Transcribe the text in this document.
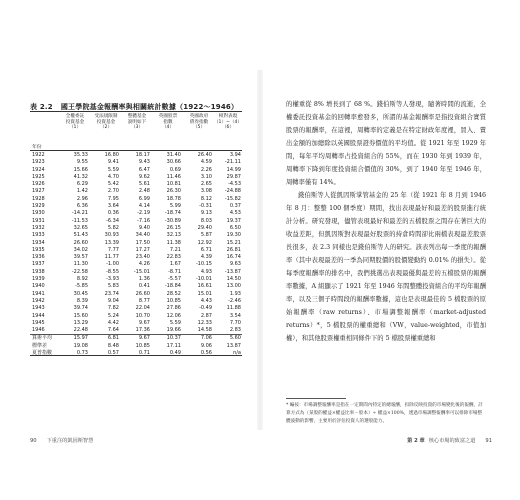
表 2.2 國王學院基金報酬率與相關統計數據（1922～1946）
全權委託
投資基金
（1）
受法規限制
投資基金
（2）
整體基金
說明如下
（3）
英國股票
指數
（4）
英國政府
債券指數
（5）
相對表現
（1）−（4）
（6）
年份
1922	35.33	16.80	18.17	31.40	26.40	3.94
1923	9.55	9.41	9.43	30.66	4.59	-21.11
1924	15.66	5.59	6.47	0.69	2.26	14.99
1925	41.32	4.70	9.62	11.46	3.10	29.87
1926	6.29	5.42	5.61	10.81	2.65	-4.53
1927	1.42	2.70	2.48	26.30	3.08	-24.88
1928	2.96	7.95	6.99	18.78	8.12	-15.82
1929	6.36	3.64	4.14	5.99	-0.31	0.37
1930	-14.21	0.36	-2.19	-18.74	9.13	4.53
1931	-11.53	-6.34	-7.16	-30.89	8.03	19.37
1932	32.65	5.82	9.40	26.15	29.40	6.50
1933	51.43	30.93	34.40	32.13	5.87	19.30
1934	26.60	13.39	17.50	11.38	12.92	15.21
1935	34.02	7.77	17.27	7.21	6.71	26.81
1936	39.57	11.77	23.40	22.83	4.39	16.74
1937	11.30	-1.00	4.26	1.67	-10.15	9.63
1938	-22.58	-8.55	-15.01	-8.71	4.93	-13.87
1939	8.92	-3.93	1.36	-5.57	-10.01	14.50
1940	-5.85	5.83	0.41	-18.84	16.61	13.00
1941	30.45	23.74	26.60	28.52	15.01	1.93
1942	8.39	9.04	8.77	10.85	4.43	-2.46
1943	39.74	7.82	22.04	27.86	-0.49	11.88
1944	15.60	5.24	10.70	12.06	2.87	3.54
1945	13.29	4.42	9.67	5.59	12.33	7.70
1946	22.48	7.64	17.36	19.66	14.58	2.83
算術平均	15.97	6.81	9.67	10.37	7.06	5.60
標準差	19.08	8.48	10.85	17.11	9.06	13.87
夏普指數	0.73	0.57	0.71	0.49	0.56	n/a
90 下重注的凱因斯智慧

的權重從 8% 增長到了 68 %。錢伯斯等人發現，隨著時間的流逝，全權委託投資基金的回轉率愈發多，所謂的基金報酬率是指投資組合實質股票的報酬率，在這裡，周轉率的定義是在特定財政年度裡，買入、賣出金額的加總除以英國股票證券價值的平均值。從 1921 年至 1929 年間，每年平均周轉率占投資組合的 55%，而在 1930 年到 1939 年，周轉率下降到年度投資組合價值的 30%，到了 1940 年至 1946 年，周轉率僅有 14%。

錢伯斯等人從凱因斯掌管基金的 25 年（從 1921 年 8 月到 1946 年 8 月：整整 100 個季度）期間，找出表現最好和最差的股票進行統計分析。研究發現，儘管表現最好和最差的五檔股票之間存在著巨大的收益差距，但凱因斯對表現最好股票的持倉時間卻比兩檔表現最差股票長很多，表 2.3 同樣也是錢伯斯等人的研究。該表列出每一季度的報酬率（其中表現最差的一季為同期股價的股價變動約 0.01% 的損失）。從每季度報酬率的排名中，我們挑選出表現最優與最差的五檔股票的報酬率數據，A 組顯示了 1921 年至 1946 年間整體投資組合的平均年報酬率，以及三個子時間段的報酬率數據，這也是表現最佳的 5 檔股票的原始報酬率（raw returns）、市場調整報酬率（market-adjusted returns）*，5 檔股票的權重總和（VW，value-weighted，市值加權），和其他股票權重相同條件下的 5 檔股票權重總和

* 編按：市場調整報酬率是指在一定期間內特定的總報酬，扣除反映投資的市場變化後的報酬，計算方式為（某股的權益×權益比率－股本）÷ 權益×100%，透過市場調整報酬率可以排除市場整體波動的影響，主要用於評估投資人的選股能力。
第 2 章 核心市場的致富之道 91
